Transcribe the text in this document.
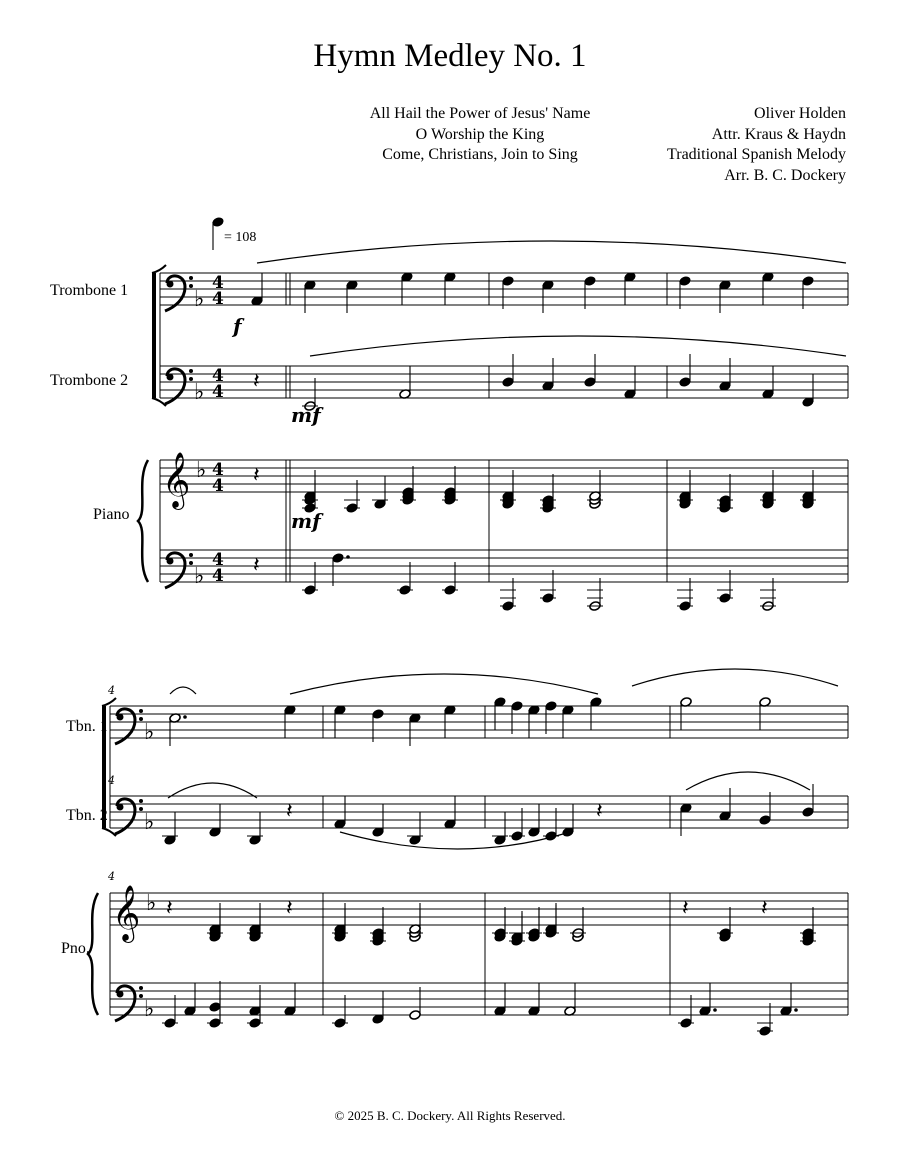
Hymn Medley No. 1
All Hail the Power of Jesus' Name
O Worship the King
Come, Christians, Join to Sing
Oliver Holden
Attr. Kraus & Haydn
Traditional Spanish Melody
Arr. B. C. Dockery
= 108
Trombone 1
Trombone 2
Piano
Tbn. 1
Tbn. 2
Pno.
𝄞
♭
♭
♭
♭
4
4
4
4
4
4
4
4
f
𝄽
mf
𝄽
mf
𝄽
𝄞
♭
♭
♭
♭
4
4
4
𝄽	𝄽
𝄽	𝄽	𝄽	𝄽
© 2025 B. C. Dockery. All Rights Reserved.
